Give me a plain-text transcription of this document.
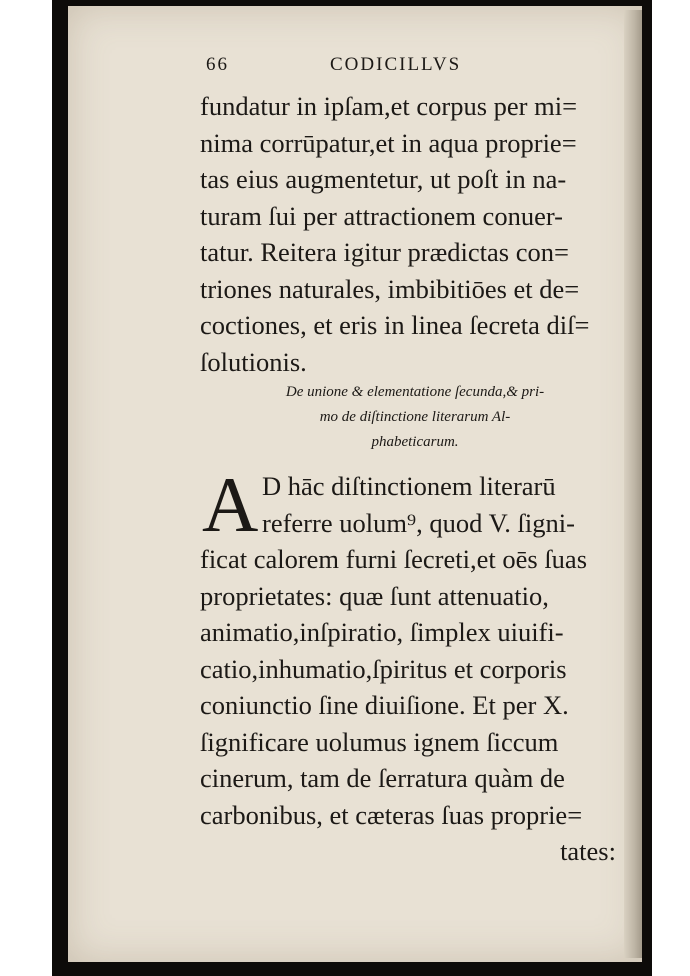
66	CODICILLVS
fundatur in ipſam,et corpus per mi=
nima corrūpatur,et in aqua proprie=
tas eius augmentetur, ut poſt in na-
turam ſui per attractionem conuer-
tatur. Reitera igitur prædictas con=
triones naturales, imbibitiōes et de=
coctiones, et eris in linea ſecreta diſ=
ſolutionis.
De unione & elementatione ſecunda,& pri-
mo de diſtinctione literarum Al-
phabeticarum.
A D hāc diſtinctionem literarū
referre uolum⁹, quod V. ſigni-
ficat calorem furni ſecreti,et oēs ſuas
proprietates: quæ ſunt attenuatio,
animatio,inſpiratio, ſimplex uiuifi-
catio,inhumatio,ſpiritus et corporis
coniunctio ſine diuiſione. Et per X.
ſignificare uolumus ignem ſiccum
cinerum, tam de ſerratura quàm de
carbonibus, et cæteras ſuas proprie=
tates:
